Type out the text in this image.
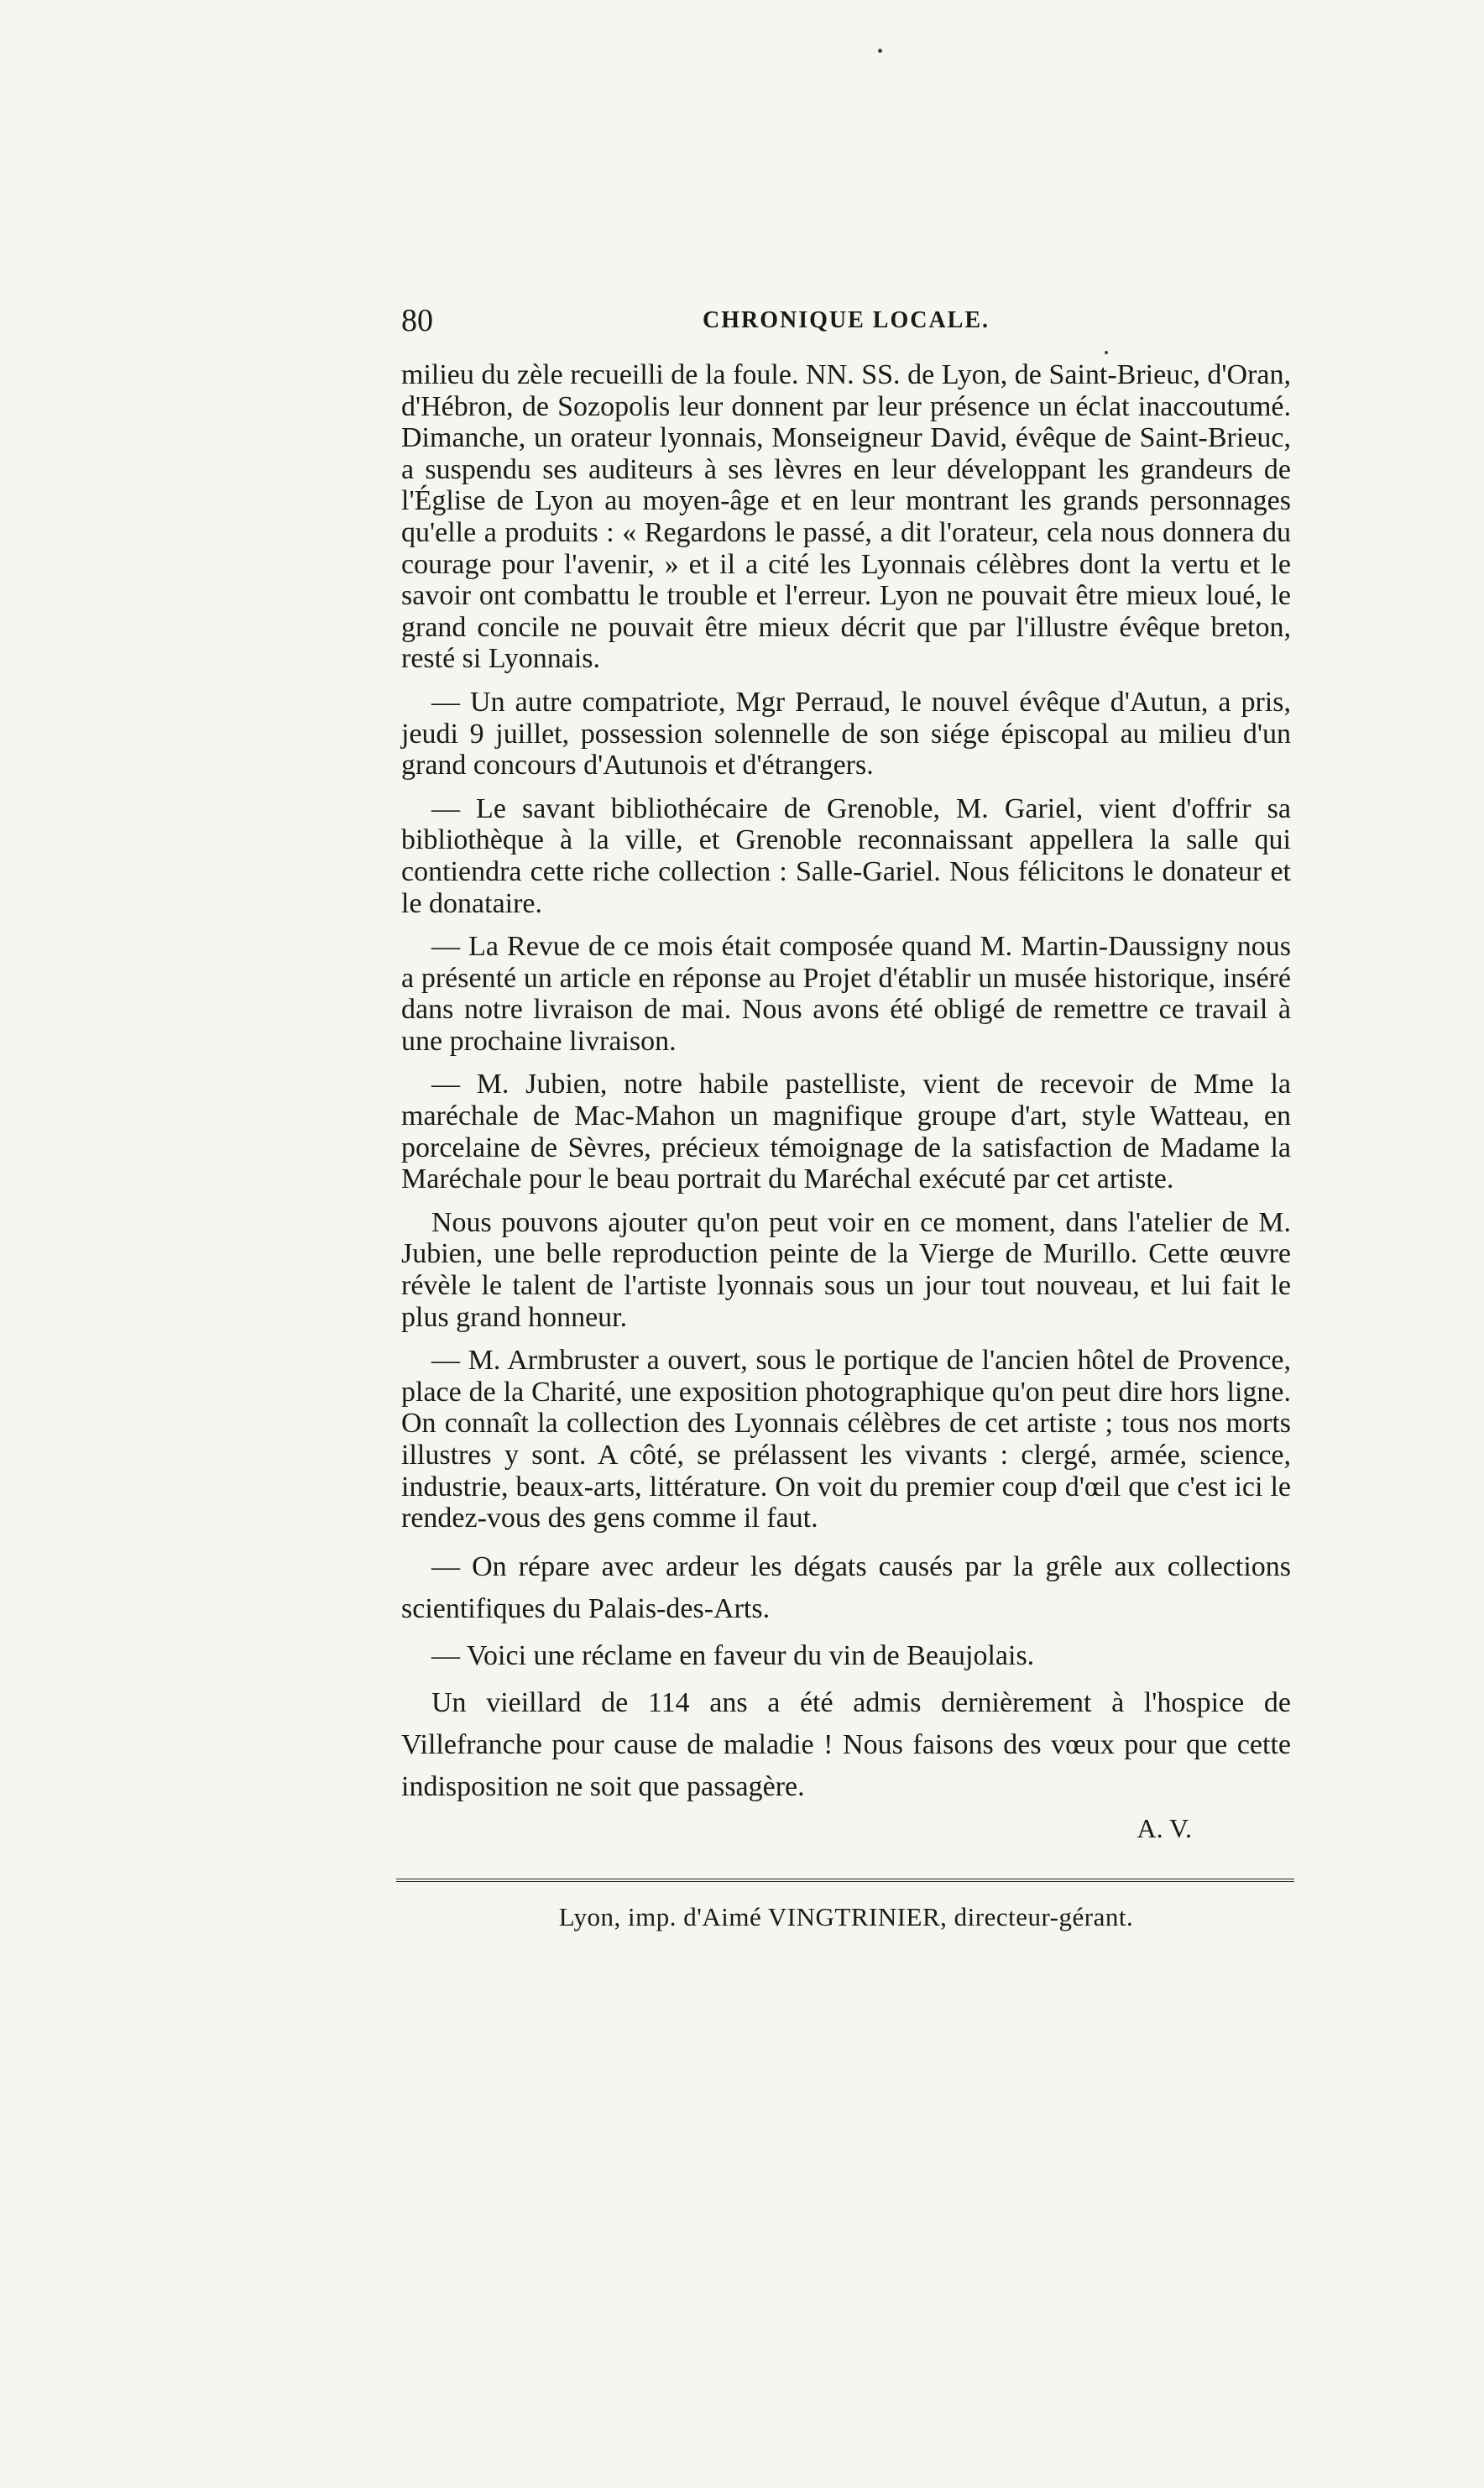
80	CHRONIQUE LOCALE.

milieu du zèle recueilli de la foule. NN. SS. de Lyon, de Saint-Brieuc, d'Oran, d'Hébron, de Sozopolis leur donnent par leur présence un éclat inaccoutumé. Dimanche, un orateur lyonnais, Monseigneur David, évêque de Saint-Brieuc, a suspendu ses auditeurs à ses lèvres en leur développant les grandeurs de l'Église de Lyon au moyen-âge et en leur montrant les grands personnages qu'elle a produits : « Regardons le passé, a dit l'orateur, cela nous donnera du courage pour l'avenir, » et il a cité les Lyonnais célèbres dont la vertu et le savoir ont combattu le trouble et l'erreur. Lyon ne pouvait être mieux loué, le grand concile ne pouvait être mieux décrit que par l'illustre évêque breton, resté si Lyonnais.

— Un autre compatriote, Mgr Perraud, le nouvel évêque d'Autun, a pris, jeudi 9 juillet, possession solennelle de son siége épiscopal au milieu d'un grand concours d'Autunois et d'étrangers.

— Le savant bibliothécaire de Grenoble, M. Gariel, vient d'offrir sa bibliothèque à la ville, et Grenoble reconnaissant appellera la salle qui contiendra cette riche collection : Salle-Gariel. Nous félicitons le donateur et le donataire.

— La Revue de ce mois était composée quand M. Martin-Daussigny nous a présenté un article en réponse au Projet d'établir un musée historique, inséré dans notre livraison de mai. Nous avons été obligé de remettre ce travail à une prochaine livraison.

— M. Jubien, notre habile pastelliste, vient de recevoir de Mme la maréchale de Mac-Mahon un magnifique groupe d'art, style Watteau, en porcelaine de Sèvres, précieux témoignage de la satisfaction de Madame la Maréchale pour le beau portrait du Maréchal exécuté par cet artiste.

Nous pouvons ajouter qu'on peut voir en ce moment, dans l'atelier de M. Jubien, une belle reproduction peinte de la Vierge de Murillo. Cette œuvre révèle le talent de l'artiste lyonnais sous un jour tout nouveau, et lui fait le plus grand honneur.

— M. Armbruster a ouvert, sous le portique de l'ancien hôtel de Provence, place de la Charité, une exposition photographique qu'on peut dire hors ligne. On connaît la collection des Lyonnais célèbres de cet artiste ; tous nos morts illustres y sont. A côté, se prélassent les vivants : clergé, armée, science, industrie, beaux-arts, littérature. On voit du premier coup d'œil que c'est ici le rendez-vous des gens comme il faut.

— On répare avec ardeur les dégats causés par la grêle aux collections scientifiques du Palais-des-Arts.

— Voici une réclame en faveur du vin de Beaujolais.

Un vieillard de 114 ans a été admis dernièrement à l'hospice de Villefranche pour cause de maladie ! Nous faisons des vœux pour que cette indisposition ne soit que passagère.

A. V.
Lyon, imp. d'Aimé VINGTRINIER, directeur-gérant.
